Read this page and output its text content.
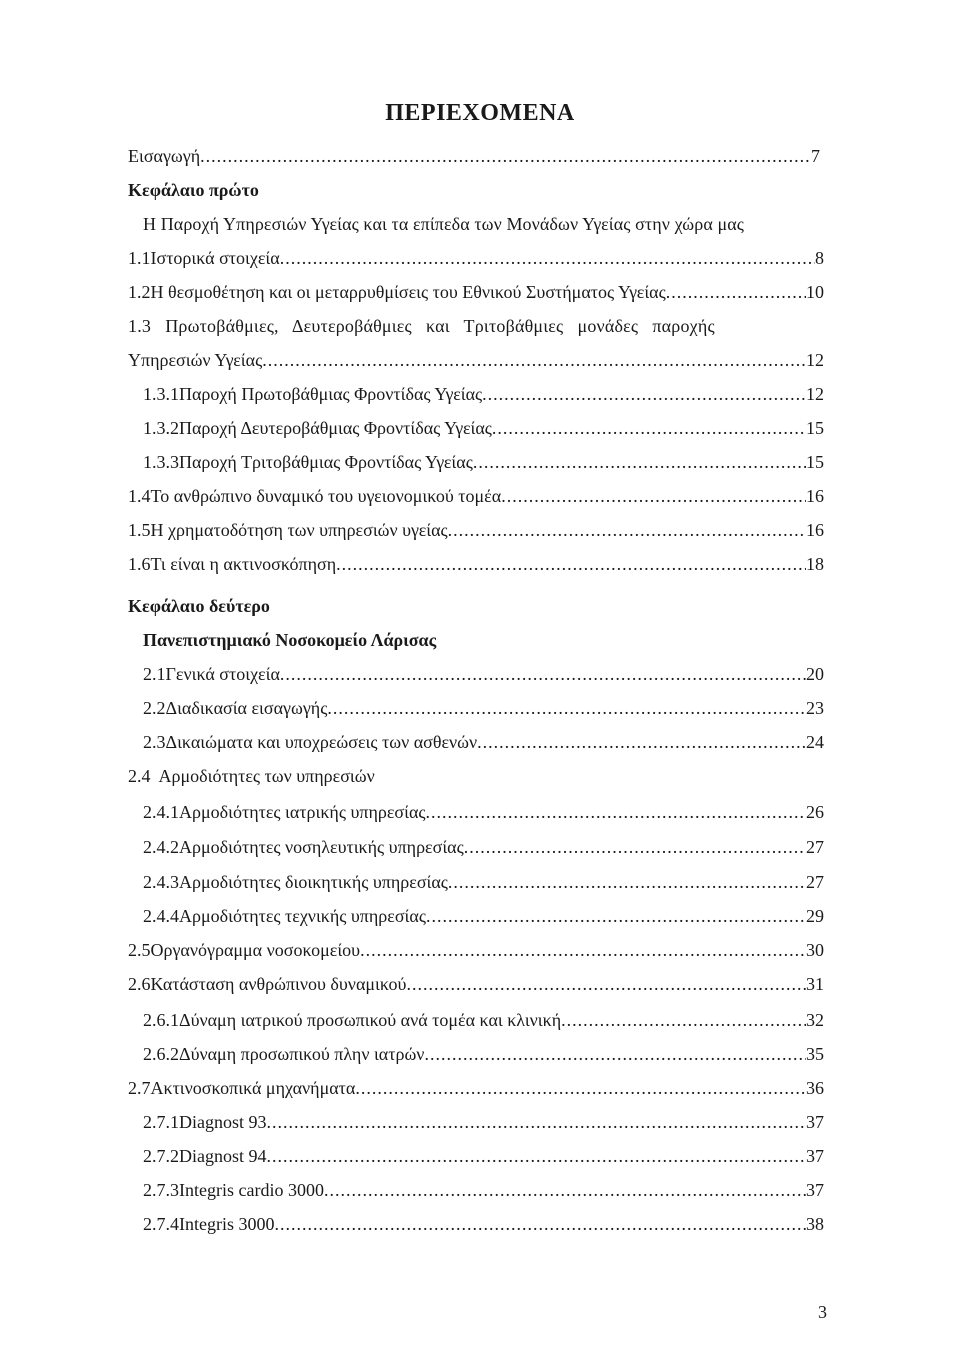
ΠΕΡΙΕΧΟΜΕΝΑ
Εισαγωγή .....	7
Κεφάλαιο πρώτο
Η Παροχή Υπηρεσιών Υγείας και τα επίπεδα των Μονάδων Υγείας στην χώρα μας
1.1 Ιστορικά στοιχεία .....	8
1.2 Η θεσμοθέτηση και οι μεταρρυθμίσεις του Εθνικού Συστήματος Υγείας .....	10
1.3   Πρωτοβάθμιες,   Δευτεροβάθμιες   και   Τριτοβάθμιες   μονάδες   παροχής
Υπηρεσιών Υγείας .....	12
1.3.1 Παροχή Πρωτοβάθμιας Φροντίδας Υγείας .....	12
1.3.2 Παροχή Δευτεροβάθμιας Φροντίδας Υγείας .....	15
1.3.3 Παροχή Τριτοβάθμιας Φροντίδας Υγείας .....	15
1.4 Το ανθρώπινο δυναμικό του υγειονομικού τομέα .....	16
1.5 Η χρηματοδότηση των υπηρεσιών υγείας .....	16
1.6 Τι είναι η ακτινοσκόπηση .....	18
Κεφάλαιο δεύτερο
Πανεπιστημιακό Νοσοκομείο Λάρισας
2.1 Γενικά στοιχεία .....	20
2.2 Διαδικασία εισαγωγής .....	23
2.3 Δικαιώματα και υποχρεώσεις των ασθενών .....	24
2.4  Αρμοδιότητες των υπηρεσιών
2.4.1 Αρμοδιότητες ιατρικής υπηρεσίας .....	26
2.4.2 Αρμοδιότητες νοσηλευτικής υπηρεσίας .....	27
2.4.3 Αρμοδιότητες διοικητικής υπηρεσίας .....	27
2.4.4 Αρμοδιότητες τεχνικής υπηρεσίας .....	29
2.5 Οργανόγραμμα νοσοκομείου .....	30
2.6 Κατάσταση ανθρώπινου δυναμικού .....	31
2.6.1 Δύναμη ιατρικού προσωπικού ανά τομέα και κλινική .....	32
2.6.2 Δύναμη προσωπικού πλην ιατρών .....	35
2.7 Ακτινοσκοπικά μηχανήματα .....	36
2.7.1 Diagnost 93 .....	37
2.7.2 Diagnost 94 .....	37
2.7.3 Integris cardio 3000 .....	37
2.7.4 Integris 3000 .....	38
3
